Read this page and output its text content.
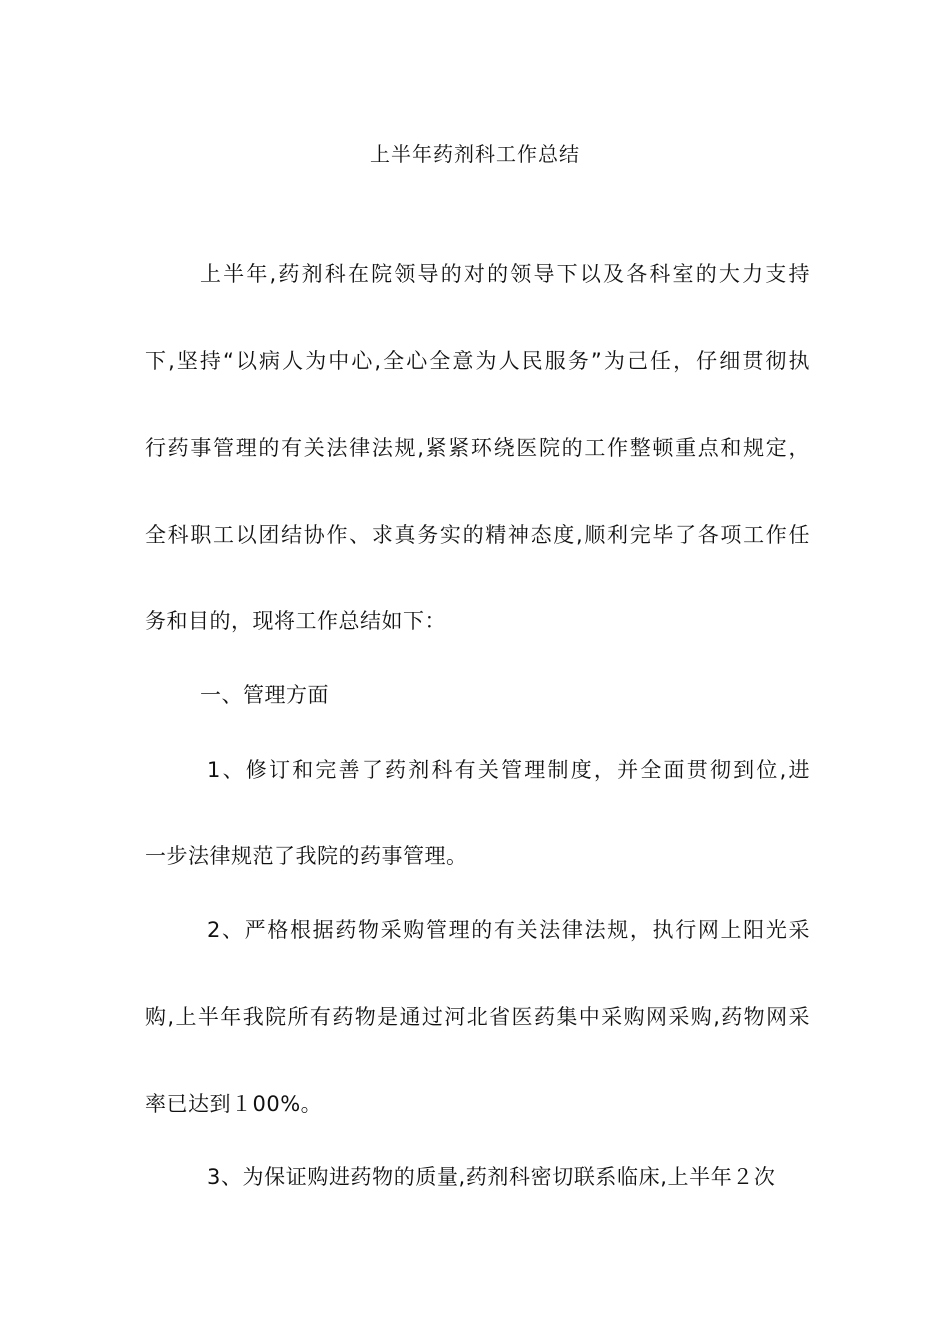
上半年药剂科工作总结
上半年,药剂科在院领导的对的领导下以及各科室的大力支持
下,坚持“以病人为中心,全心全意为人民服务”为己任，仔细贯彻执
行药事管理的有关法律法规,紧紧环绕医院的工作整顿重点和规定，
全科职工以团结协作、求真务实的精神态度,顺利完毕了各项工作任
务和目的，现将工作总结如下：
一、管理方面
1、修订和完善了药剂科有关管理制度，并全面贯彻到位,进
一步法律规范了我院的药事管理。
2、严格根据药物采购管理的有关法律法规，执行网上阳光采
购,上半年我院所有药物是通过河北省医药集中采购网采购,药物网采
率已达到１00%。
3、为保证购进药物的质量,药剂科密切联系临床,上半年２次
